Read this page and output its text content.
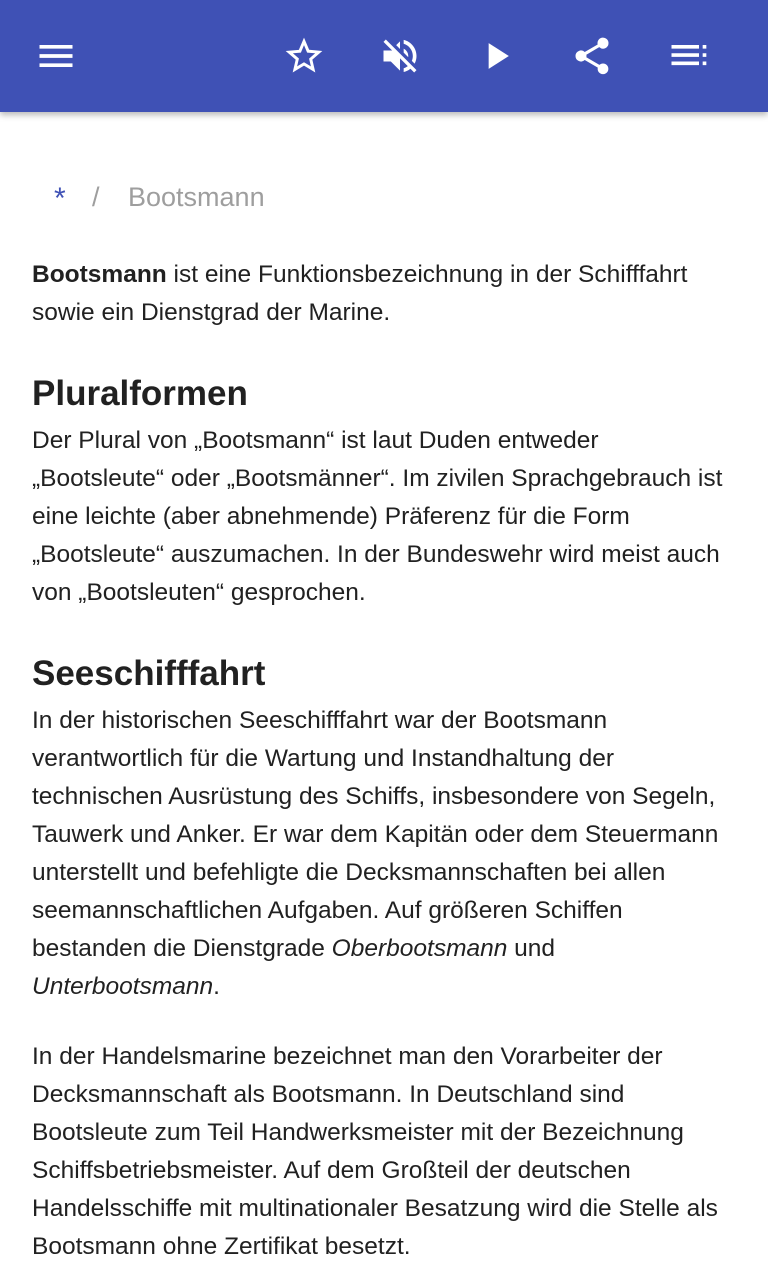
* / Bootsmann

Bootsmann ist eine Funktionsbezeichnung in der Schifffahrt sowie ein Dienstgrad der Marine.

Pluralformen

Der Plural von „Bootsmann“ ist laut Duden entweder „Bootsleute“ oder „Bootsmänner“. Im zivilen Sprachgebrauch ist eine leichte (aber abnehmende) Präferenz für die Form „Bootsleute“ auszumachen. In der Bundeswehr wird meist auch von „Bootsleuten“ gesprochen.

Seeschifffahrt

In der historischen Seeschifffahrt war der Bootsmann verantwortlich für die Wartung und Instandhaltung der technischen Ausrüstung des Schiffs, insbesondere von Segeln, Tauwerk und Anker. Er war dem Kapitän oder dem Steuermann unterstellt und befehligte die Decksmannschaften bei allen seemannschaftlichen Aufgaben. Auf größeren Schiffen bestanden die Dienstgrade Oberbootsmann und Unterbootsmann.

In der Handelsmarine bezeichnet man den Vorarbeiter der Decksmannschaft als Bootsmann. In Deutschland sind Bootsleute zum Teil Handwerksmeister mit der Bezeichnung Schiffsbetriebsmeister. Auf dem Großteil der deutschen Handelsschiffe mit multinationaler Besatzung wird die Stelle als Bootsmann ohne Zertifikat besetzt.
